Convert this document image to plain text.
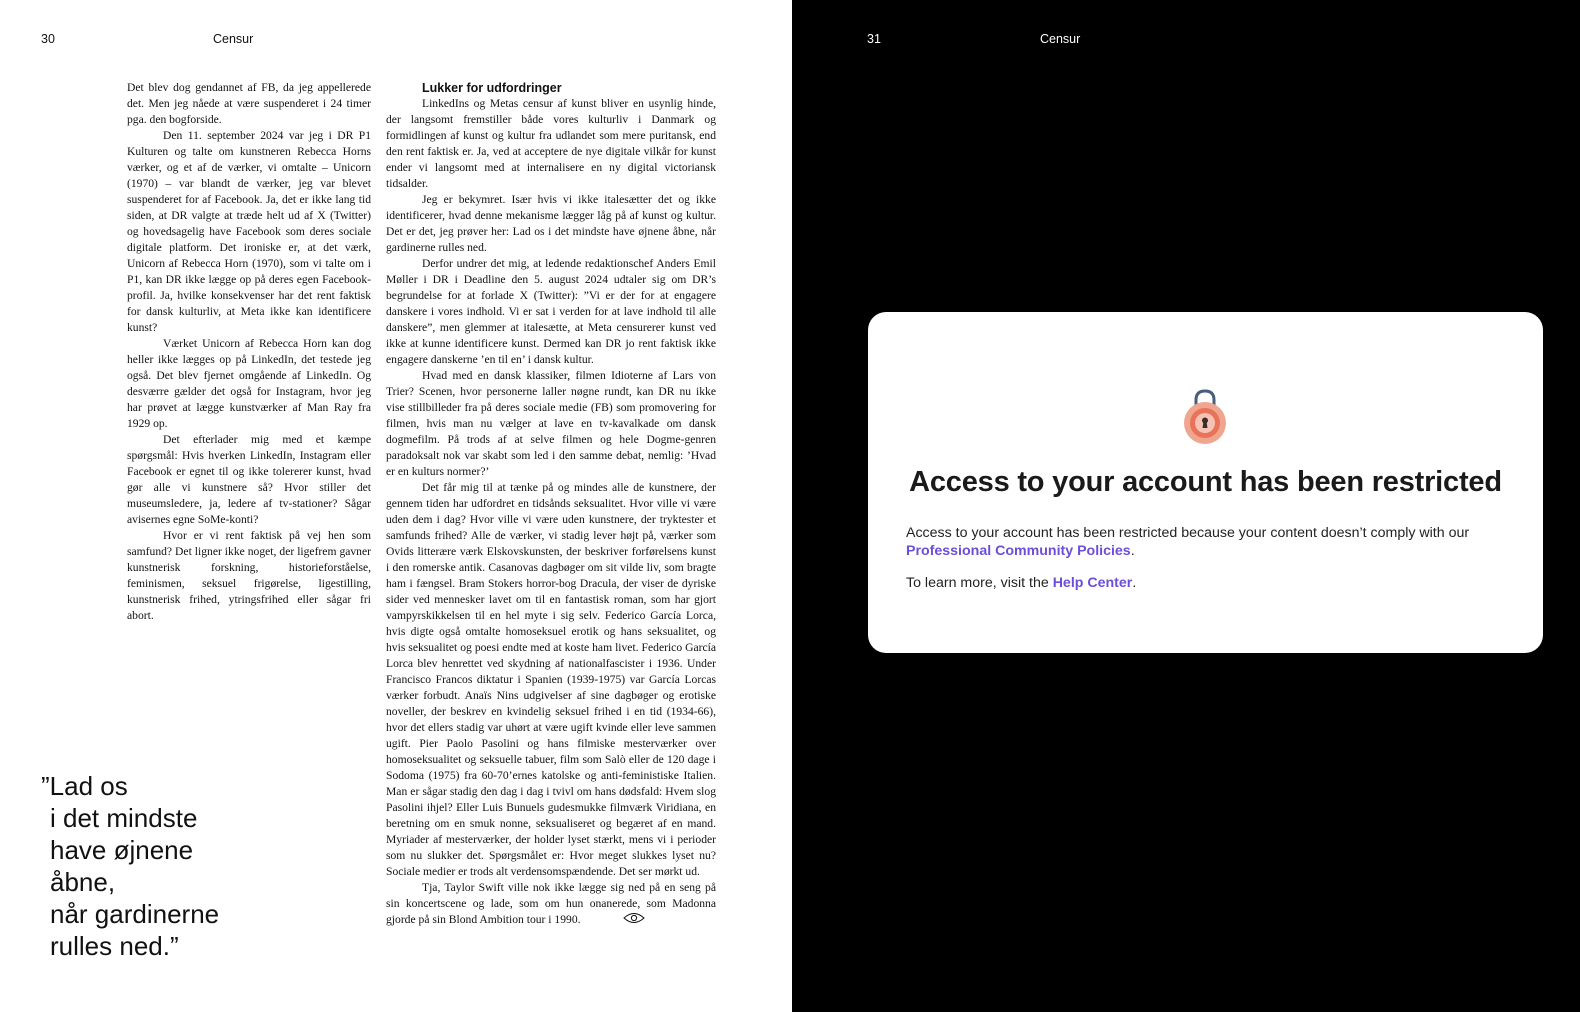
30	Censur

Det blev dog gendannet af FB, da jeg appellerede det. Men jeg nåede at være suspenderet i 24 timer pga. den bogforside.

Den 11. september 2024 var jeg i DR P1 Kulturen og talte om kunstneren Rebecca Horns værker, og et af de værker, vi omtalte – Unicorn (1970) – var blandt de værker, jeg var blevet suspenderet for af Facebook. Ja, det er ikke lang tid siden, at DR valgte at træde helt ud af X (Twitter) og hovedsagelig have Facebook som deres sociale digitale platform. Det ironiske er, at det værk, Unicorn af Rebecca Horn (1970), som vi talte om i P1, kan DR ikke lægge op på deres egen Facebook-profil. Ja, hvilke konsekvenser har det rent faktisk for dansk kulturliv, at Meta ikke kan identificere kunst?

Værket Unicorn af Rebecca Horn kan dog heller ikke lægges op på LinkedIn, det testede jeg også. Det blev fjernet omgående af LinkedIn. Og desværre gælder det også for Instagram, hvor jeg har prøvet at lægge kunstværker af Man Ray fra 1929 op.

Det efterlader mig med et kæmpe spørgsmål: Hvis hverken LinkedIn, Instagram eller Facebook er egnet til og ikke tolererer kunst, hvad gør alle vi kunstnere så? Hvor stiller det museumsledere, ja, ledere af tv-stationer? Sågar avisernes egne SoMe-konti?

Hvor er vi rent faktisk på vej hen som samfund? Det ligner ikke noget, der ligefrem gavner kunstnerisk forskning, historieforståelse, feminismen, seksuel frigørelse, ligestilling, kunstnerisk frihed, ytringsfrihed eller sågar fri abort.

Lukker for udfordringer

LinkedIns og Metas censur af kunst bliver en usynlig hinde, der langsomt fremstiller både vores kulturliv i Danmark og formidlingen af kunst og kultur fra udlandet som mere puritansk, end den rent faktisk er. Ja, ved at acceptere de nye digitale vilkår for kunst ender vi langsomt med at internalisere en ny digital victoriansk tidsalder.

Jeg er bekymret. Især hvis vi ikke italesætter det og ikke identificerer, hvad denne mekanisme lægger låg på af kunst og kultur. Det er det, jeg prøver her: Lad os i det mindste have øjnene åbne, når gardinerne rulles ned.

Derfor undrer det mig, at ledende redaktionschef Anders Emil Møller i DR i Deadline den 5. august 2024 udtaler sig om DR’s begrundelse for at forlade X (Twitter): ”Vi er der for at engagere danskere i vores indhold. Vi er sat i verden for at lave indhold til alle danskere”, men glemmer at italesætte, at Meta censurerer kunst ved ikke at kunne identificere kunst. Dermed kan DR jo rent faktisk ikke engagere danskerne ’en til en’ i dansk kultur.

Hvad med en dansk klassiker, filmen Idioterne af Lars von Trier? Scenen, hvor personerne laller nøgne rundt, kan DR nu ikke vise stillbilleder fra på deres sociale medie (FB) som promovering for filmen, hvis man nu vælger at lave en tv-kavalkade om dansk dogmefilm. På trods af at selve filmen og hele Dogme-genren paradoksalt nok var skabt som led i den samme debat, nemlig: ’Hvad er en kulturs normer?’

Det får mig til at tænke på og mindes alle de kunstnere, der gennem tiden har udfordret en tidsånds seksualitet. Hvor ville vi være uden dem i dag? Hvor ville vi være uden kunstnere, der tryktester et samfunds frihed? Alle de værker, vi stadig lever højt på, værker som Ovids litterære værk Elskovskunsten, der beskriver forførelsens kunst i den romerske antik. Casanovas dagbøger om sit vilde liv, som bragte ham i fængsel. Bram Stokers horror-bog Dracula, der viser de dyriske sider ved mennesker lavet om til en fantastisk roman, som har gjort vampyrskikkelsen til en hel myte i sig selv. Federico García Lorca, hvis digte også omtalte homoseksuel erotik og hans seksualitet, og hvis seksualitet og poesi endte med at koste ham livet. Federico García Lorca blev henrettet ved skydning af nationalfascister i 1936. Under Francisco Francos diktatur i Spanien (1939-1975) var García Lorcas værker forbudt. Anaïs Nins udgivelser af sine dagbøger og erotiske noveller, der beskrev en kvindelig seksuel frihed i en tid (1934-66), hvor det ellers stadig var uhørt at være ugift kvinde eller leve sammen ugift. Pier Paolo Pasolini og hans filmiske mesterværker over homoseksualitet og seksuelle tabuer, film som Salò eller de 120 dage i Sodoma (1975) fra 60-70’ernes katolske og anti-feministiske Italien. Man er sågar stadig den dag i dag i tvivl om hans dødsfald: Hvem slog Pasolini ihjel? Eller Luis Bunuels gudesmukke filmværk Viridiana, en beretning om en smuk nonne, seksualiseret og begæret af en mand. Myriader af mesterværker, der holder lyset stærkt, mens vi i perioder som nu slukker det. Spørgsmålet er: Hvor meget slukkes lyset nu? Sociale medier er trods alt verdensomspændende. Det ser mørkt ud.

Tja, Taylor Swift ville nok ikke lægge sig ned på en seng på sin koncertscene og lade, som om hun onanerede, som Madonna gjorde på sin Blond Ambition tour i 1990.

”Lad os
i det mindste
have øjnene
åbne,
når gardinerne
rulles ned.”
31	Censur
Access to your account has been restricted

Access to your account has been restricted because your content doesn’t comply with our Professional Community Policies.

To learn more, visit the Help Center.
